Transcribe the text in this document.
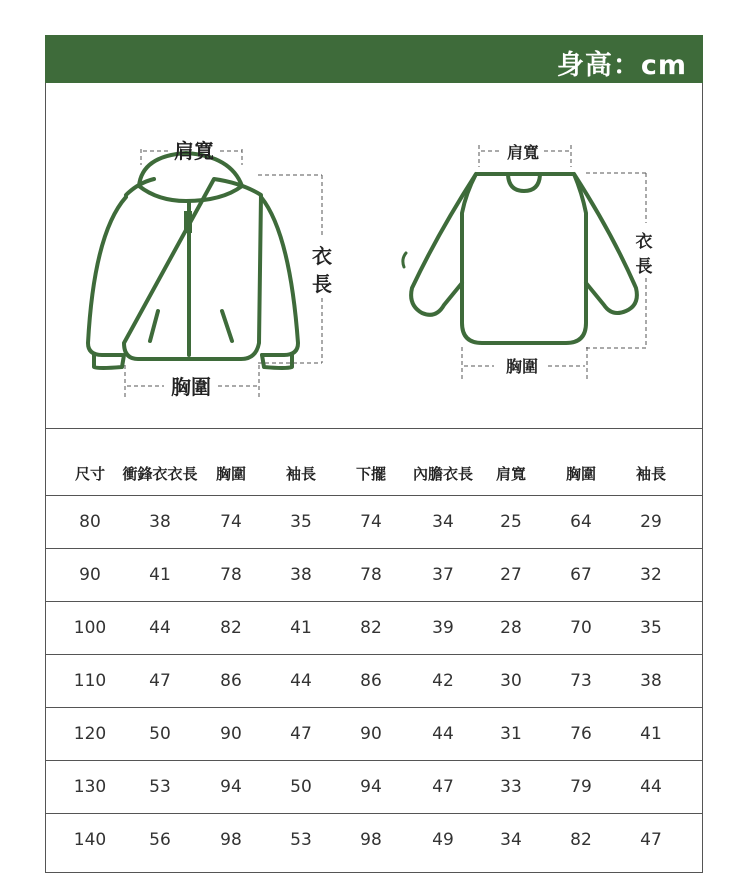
身高：cm
肩寬
衣
長
胸圍
肩寬
衣
長
胸圍
尺寸	衝鋒衣衣長	胸圍	袖長	下擺	內膽衣長	肩寬	胸圍	袖長
80	38	74	35	74	34	25	64	29
90	41	78	38	78	37	27	67	32
100	44	82	41	82	39	28	70	35
110	47	86	44	86	42	30	73	38
120	50	90	47	90	44	31	76	41
130	53	94	50	94	47	33	79	44
140	56	98	53	98	49	34	82	47
